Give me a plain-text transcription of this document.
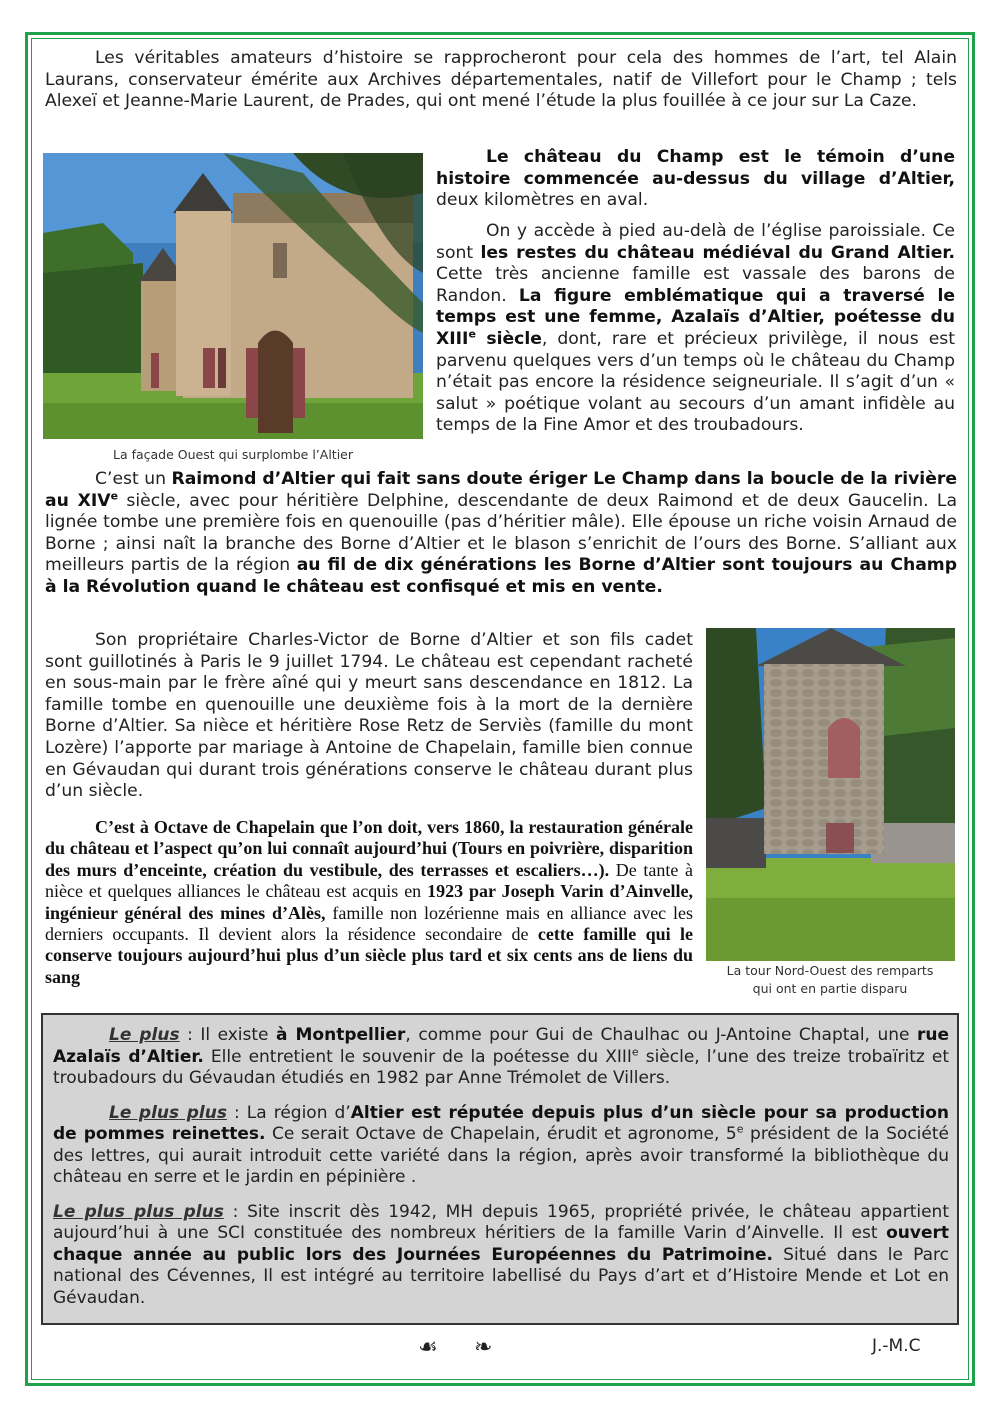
Les véritables amateurs d’histoire se rapprocheront pour cela des hommes de l’art, tel Alain Laurans, conservateur émérite aux Archives départementales, natif de Villefort pour le Champ ; tels Alexeï et Jeanne-Marie Laurent, de Prades, qui ont mené l’étude la plus fouillée à ce jour sur La Caze.

La façade Ouest qui surplombe l’Altier

Le château du Champ est le témoin d’une histoire commencée au-dessus du village d’Altier, deux kilomètres en aval.

On y accède à pied au-delà de l’église paroissiale. Ce sont les restes du château médiéval du Grand Altier. Cette très ancienne famille est vassale des barons de Randon. La figure emblématique qui a traversé le temps est une femme, Azalaïs d’Altier, poétesse du XIIIe siècle, dont, rare et précieux privilège, il nous est parvenu quelques vers d’un temps où le château du Champ n’était pas encore la résidence seigneuriale. Il s’agit d’un « salut » poétique volant au secours d’un amant infidèle au temps de la Fine Amor et des troubadours.

C’est un Raimond d’Altier qui fait sans doute ériger Le Champ dans la boucle de la rivière au XIVe siècle, avec pour héritière Delphine, descendante de deux Raimond et de deux Gaucelin. La lignée tombe une première fois en quenouille (pas d’héritier mâle). Elle épouse un riche voisin Arnaud de Borne ; ainsi naît la branche des Borne d’Altier et le blason s’enrichit de l’ours des Borne. S’alliant aux meilleurs partis de la région au fil de dix générations les Borne d’Altier sont toujours au Champ à la Révolution quand le château est confisqué et mis en vente.

Son propriétaire Charles-Victor de Borne d’Altier et son fils cadet sont guillotinés à Paris le 9 juillet 1794. Le château est cependant racheté en sous-main par le frère aîné qui y meurt sans descendance en 1812. La famille tombe en quenouille une deuxième fois à la mort de la dernière Borne d’Altier. Sa nièce et héritière Rose Retz de Serviès (famille du mont Lozère) l’apporte par mariage à Antoine de Chapelain, famille bien connue en Gévaudan qui durant trois générations conserve le château durant plus d’un siècle.

C’est à Octave de Chapelain que l’on doit, vers 1860, la restauration générale du château et l’aspect qu’on lui connaît aujourd’hui (Tours en poivrière, disparition des murs d’enceinte, création du vestibule, des terrasses et escaliers…). De tante à nièce et quelques alliances le château est acquis en 1923 par Joseph Varin d’Ainvelle, ingénieur général des mines d’Alès, famille non lozérienne mais en alliance avec les derniers occupants. Il devient alors la résidence secondaire de cette famille qui le conserve toujours aujourd’hui plus d’un siècle plus tard et six cents ans de liens du sang	La tour Nord-Ouest des remparts
qui ont en partie disparu

Le plus : Il existe à Montpellier, comme pour Gui de Chaulhac ou J-Antoine Chaptal, une rue Azalaïs d’Altier. Elle entretient le souvenir de la poétesse du XIIIe siècle, l’une des treize trobaïritz et troubadours du Gévaudan étudiés en 1982 par Anne Trémolet de Villers.

Le plus plus : La région d’Altier est réputée depuis plus d’un siècle pour sa production de pommes reinettes. Ce serait Octave de Chapelain, érudit et agronome, 5e président de la Société des lettres, qui aurait introduit cette variété dans la région, après avoir transformé la bibliothèque du château en serre et le jardin en pépinière .

Le plus plus plus : Site inscrit dès 1942, MH depuis 1965, propriété privée, le château appartient aujourd’hui à une SCI constituée des nombreux héritiers de la famille Varin d’Ainvelle. Il est ouvert chaque année au public lors des Journées Européennes du Patrimoine. Situé dans le Parc national des Cévennes, Il est intégré au territoire labellisé du Pays d’art et d’Histoire Mende et Lot en Gévaudan.

☙ ❧	J.-M.C
